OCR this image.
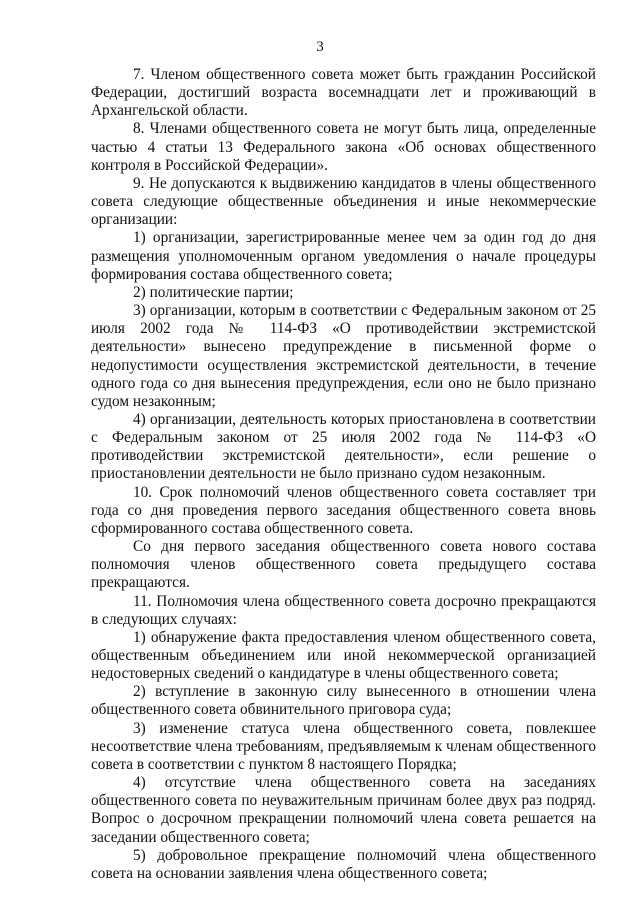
3

7. Членом общественного совета может быть гражданин Российской Федерации, достигший возраста восемнадцати лет и проживающий в Архангельской области.

8. Членами общественного совета не могут быть лица, определенные частью 4 статьи 13 Федерального закона «Об основах общественного контроля в Российской Федерации».

9. Не допускаются к выдвижению кандидатов в члены общественного совета следующие общественные объединения и иные некоммерческие организации:

1) организации, зарегистрированные менее чем за один год до дня размещения уполномоченным органом уведомления о начале процедуры формирования состава общественного совета;

2) политические партии;

3) организации, которым в соответствии с Федеральным законом от 25 июля 2002 года № 114-ФЗ «О противодействии экстремистской деятельности» вынесено предупреждение в письменной форме о недопустимости осуществления экстремистской деятельности, в течение одного года со дня вынесения предупреждения, если оно не было признано судом незаконным;

4) организации, деятельность которых приостановлена в соответствии с Федеральным законом от 25 июля 2002 года № 114-ФЗ «О противодействии экстремистской деятельности», если решение о приостановлении деятельности не было признано судом незаконным.

10. Срок полномочий членов общественного совета составляет три года со дня проведения первого заседания общественного совета вновь сформированного состава общественного совета.

Со дня первого заседания общественного совета нового состава полномочия членов общественного совета предыдущего состава прекращаются.

11. Полномочия члена общественного совета досрочно прекращаются в следующих случаях:

1) обнаружение факта предоставления членом общественного совета, общественным объединением или иной некоммерческой организацией недостоверных сведений о кандидатуре в члены общественного совета;

2) вступление в законную силу вынесенного в отношении члена общественного совета обвинительного приговора суда;

3) изменение статуса члена общественного совета, повлекшее несоответствие члена требованиям, предъявляемым к членам общественного совета в соответствии с пунктом 8 настоящего Порядка;

4) отсутствие члена общественного совета на заседаниях общественного совета по неуважительным причинам более двух раз подряд. Вопрос о досрочном прекращении полномочий члена совета решается на заседании общественного совета;

5) добровольное прекращение полномочий члена общественного совета на основании заявления члена общественного совета;
